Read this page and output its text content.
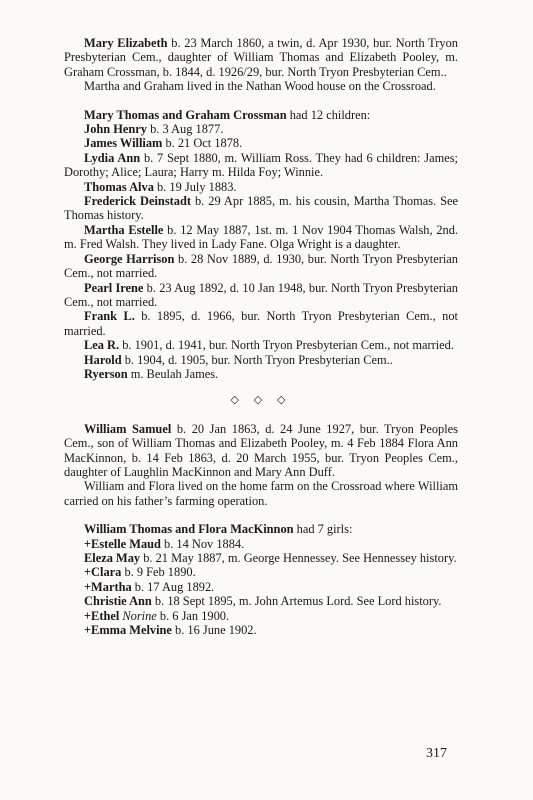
Mary Elizabeth b. 23 March 1860, a twin, d. Apr 1930, bur. North Tryon Presbyterian Cem., daughter of William Thomas and Elizabeth Pooley, m. Graham Crossman, b. 1844, d. 1926/29, bur. North Tryon Presbyterian Cem..

Martha and Graham lived in the Nathan Wood house on the Crossroad.

Mary Thomas and Graham Crossman had 12 children:

John Henry b. 3 Aug 1877.

James William b. 21 Oct 1878.

Lydia Ann b. 7 Sept 1880, m. William Ross. They had 6 children: James; Dorothy; Alice; Laura; Harry m. Hilda Foy; Winnie.

Thomas Alva b. 19 July 1883.

Frederick Deinstadt b. 29 Apr 1885, m. his cousin, Martha Thomas. See Thomas history.

Martha Estelle b. 12 May 1887, 1st. m. 1 Nov 1904 Thomas Walsh, 2nd. m. Fred Walsh. They lived in Lady Fane. Olga Wright is a daughter.

George Harrison b. 28 Nov 1889, d. 1930, bur. North Tryon Presbyterian Cem., not married.

Pearl Irene b. 23 Aug 1892, d. 10 Jan 1948, bur. North Tryon Presbyterian Cem., not married.

Frank L. b. 1895, d. 1966, bur. North Tryon Presbyterian Cem., not married.

Lea R. b. 1901, d. 1941, bur. North Tryon Presbyterian Cem., not married.

Harold b. 1904, d. 1905, bur. North Tryon Presbyterian Cem..

Ryerson m. Beulah James.

◇ ◇ ◇

William Samuel b. 20 Jan 1863, d. 24 June 1927, bur. Tryon Peoples Cem., son of William Thomas and Elizabeth Pooley, m. 4 Feb 1884 Flora Ann MacKinnon, b. 14 Feb 1863, d. 20 March 1955, bur. Tryon Peoples Cem., daughter of Laughlin MacKinnon and Mary Ann Duff.

William and Flora lived on the home farm on the Crossroad where William carried on his father’s farming operation.

William Thomas and Flora MacKinnon had 7 girls:

+Estelle Maud b. 14 Nov 1884.

Eleza May b. 21 May 1887, m. George Hennessey. See Hennessey history.

+Clara b. 9 Feb 1890.

+Martha b. 17 Aug 1892.

Christie Ann b. 18 Sept 1895, m. John Artemus Lord. See Lord history.

+Ethel Norine b. 6 Jan 1900.

+Emma Melvine b. 16 June 1902.

317
